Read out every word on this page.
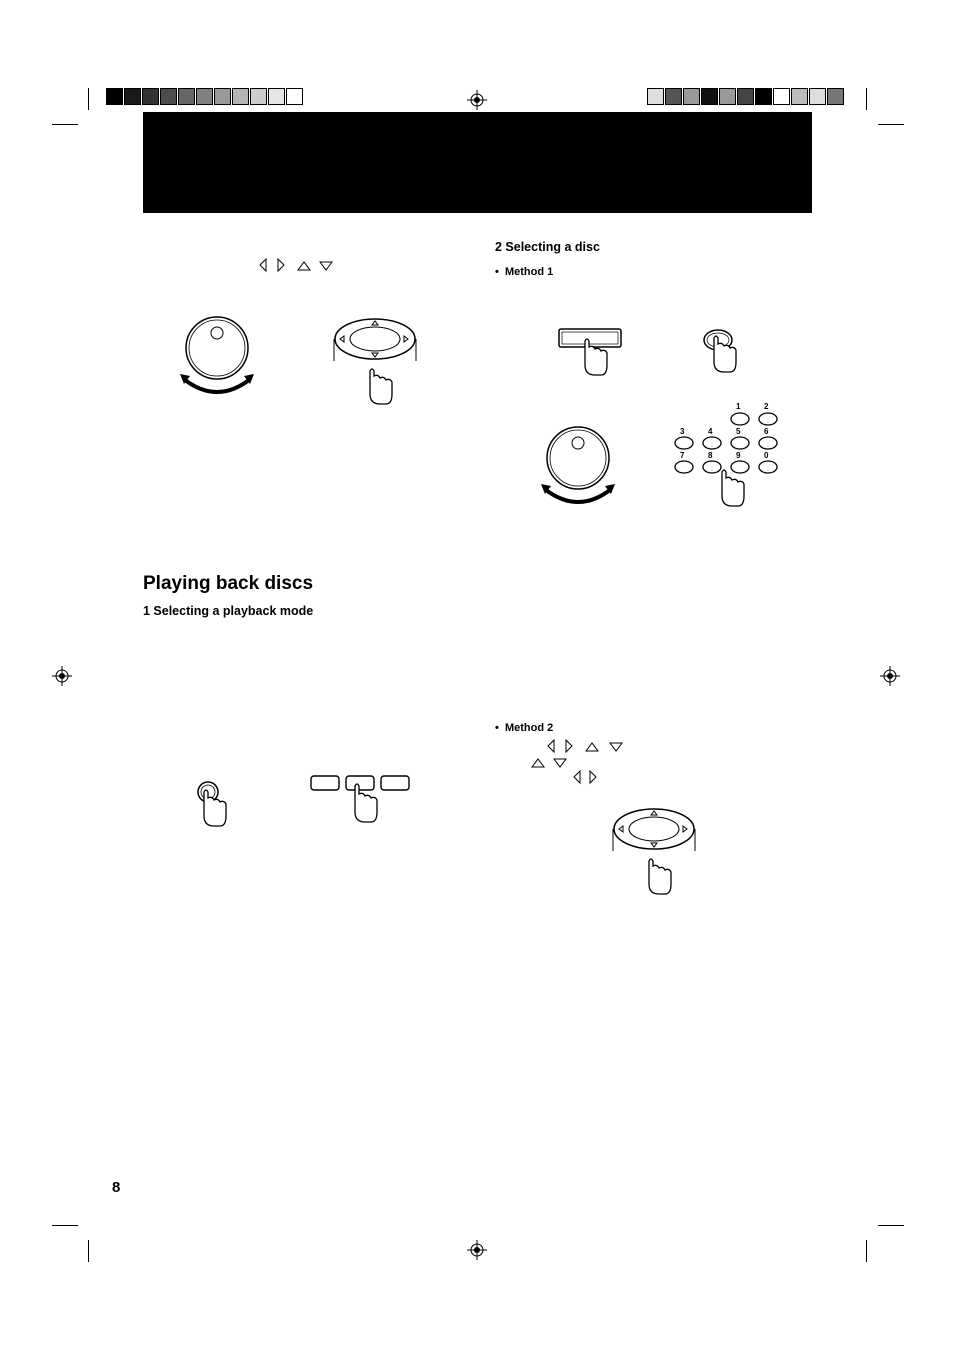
2 Selecting a disc
• Method 1
1	2
3	4	5	6
7	8	9	0
Playing back discs
1 Selecting a playback mode
• Method 2
8
